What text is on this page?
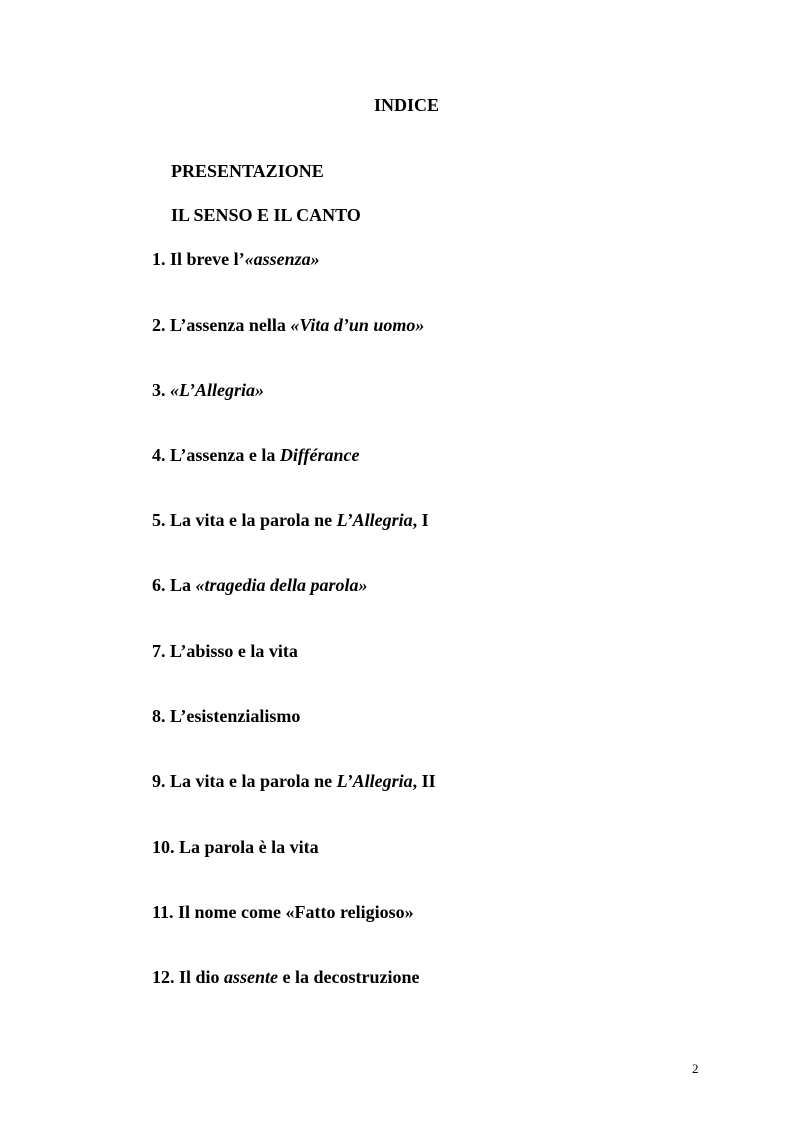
INDICE
PRESENTAZIONE
IL SENSO E IL CANTO
1. Il breve l’«assenza»
2. L’assenza nella «Vita d’un uomo»
3. «L’Allegria»
4. L’assenza e la Différance
5. La vita e la parola ne L’Allegria, I
6. La «tragedia della parola»
7. L’abisso e la vita
8. L’esistenzialismo
9. La vita e la parola ne L’Allegria, II
10. La parola è la vita
11. Il nome come «Fatto religioso»
12. Il dio assente e la decostruzione
2
